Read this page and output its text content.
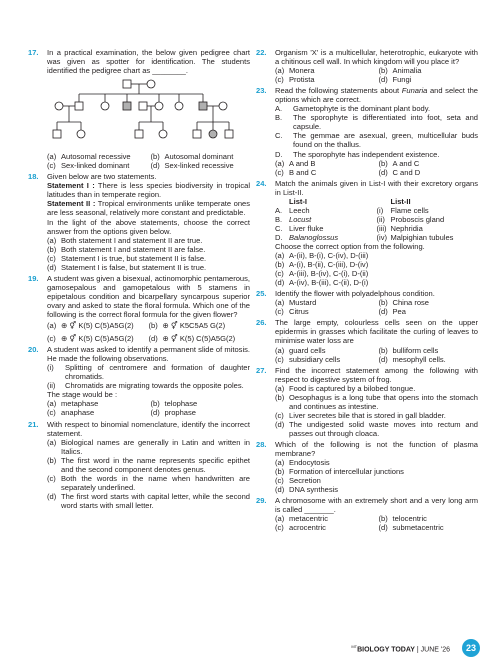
17. In a practical examination, the below given pedigree chart was given as spotter for identification. The students identified the pedigree chart as ________.
(a) Autosomal recessive	(b) Autosomal dominant
(c) Sex-linked dominant	(d) Sex-linked recessive
18. Given below are two statements.
Statement I : There is less species biodiversity in tropical latitudes than in temperate region.
Statement II : Tropical environments unlike temperate ones are less seasonal, relatively more constant and predictable.
In the light of the above statements, choose the correct answer from the options given below.
(a) Both statement I and statement II are true.
(b) Both statement I and statement II are false.
(c) Statement I is true, but statement II is false.
(d) Statement I is false, but statement II is true.
19. A student was given a bisexual, actinomorphic pentamerous, gamosepalous and gamopetalous with 5 stamens in epipetalous condition and bicarpellary syncarpous superior ovary and asked to state the floral formula. Which one of the following is the correct floral formula for the given flower?
(a) ⊕ ⚥ K(5) C(5)A5G(2)	(b) ⊕ ⚥ K5C5A5 G(2)
(c) ⊕ ⚥ K(5) C(5)A5G(2)	(d) ⊕ ⚥ K(5) C(5)A5G(2)
20. A student was asked to identify a permanent slide of mitosis. He made the following observations.
(i) Splitting of centromere and formation of daughter chromatids.
(ii) Chromatids are migrating towards the opposite poles.
The stage would be :
(a) metaphase	(b) telophase
(c) anaphase	(d) prophase
21. With respect to binomial nomenclature, identify the incorrect statement.
(a) Biological names are generally in Latin and written in Italics.
(b) The first word in the name represents specific epithet and the second component denotes genus.
(c) Both the words in the name when handwritten are separately underlined.
(d) The first word starts with capital letter, while the second word starts with small letter.
22. Organism 'X' is a multicellular, heterotrophic, eukaryote with a chitinous cell wall. In which kingdom will you place it?
(a) Monera	(b) Animalia
(c) Protista	(d) Fungi
23. Read the following statements about Funaria and select the options which are correct.
A. Gametophyte is the dominant plant body.
B. The sporophyte is differentiated into foot, seta and capsule.
C. The gemmae are asexual, green, multicellular buds found on the thallus.
D. The sporophyte has independent existence.
(a) A and B	(b) A and C
(c) B and C	(d) C and D
24. Match the animals given in List-I with their excretory organs in List-II.
List-I	List-II
A. Leech	(i) Flame cells
B. Locust	(ii) Proboscis gland
C. Liver fluke	(iii) Nephridia
D. Balanoglossus	(iv) Malpighian tubules
Choose the correct option from the following.
(a) A-(ii), B-(i), C-(iv), D-(iii)
(b) A-(i), B-(ii), C-(iii), D-(iv)
(c) A-(iii), B-(iv), C-(i), D-(ii)
(d) A-(iv), B-(iii), C-(ii), D-(i)
25. Identify the flower with polyadelphous condition.
(a) Mustard	(b) China rose
(c) Citrus	(d) Pea
26. The large empty, colourless cells seen on the upper epidermis in grasses which facilitate the curling of leaves to minimise water loss are
(a) guard cells	(b) bulliform cells
(c) subsidiary cells	(d) mesophyll cells.
27. Find the incorrect statement among the following with respect to digestive system of frog.
(a) Food is captured by a bilobed tongue.
(b) Oesophagus is a long tube that opens into the stomach and continues as intestine.
(c) Liver secretes bile that is stored in gall bladder.
(d) The undigested solid waste moves into rectum and passes out through cloaca.
28. Which of the following is not the function of plasma membrane?
(a) Endocytosis
(b) Formation of intercellular junctions
(c) Secretion
(d) DNA synthesis
29. A chromosome with an extremely short and a very long arm is called _______.
(a) metacentric	(b) telocentric
(c) acrocentric	(d) submetacentric
$^{MT}$BIOLOGY TODAY | JUNE '26	23
